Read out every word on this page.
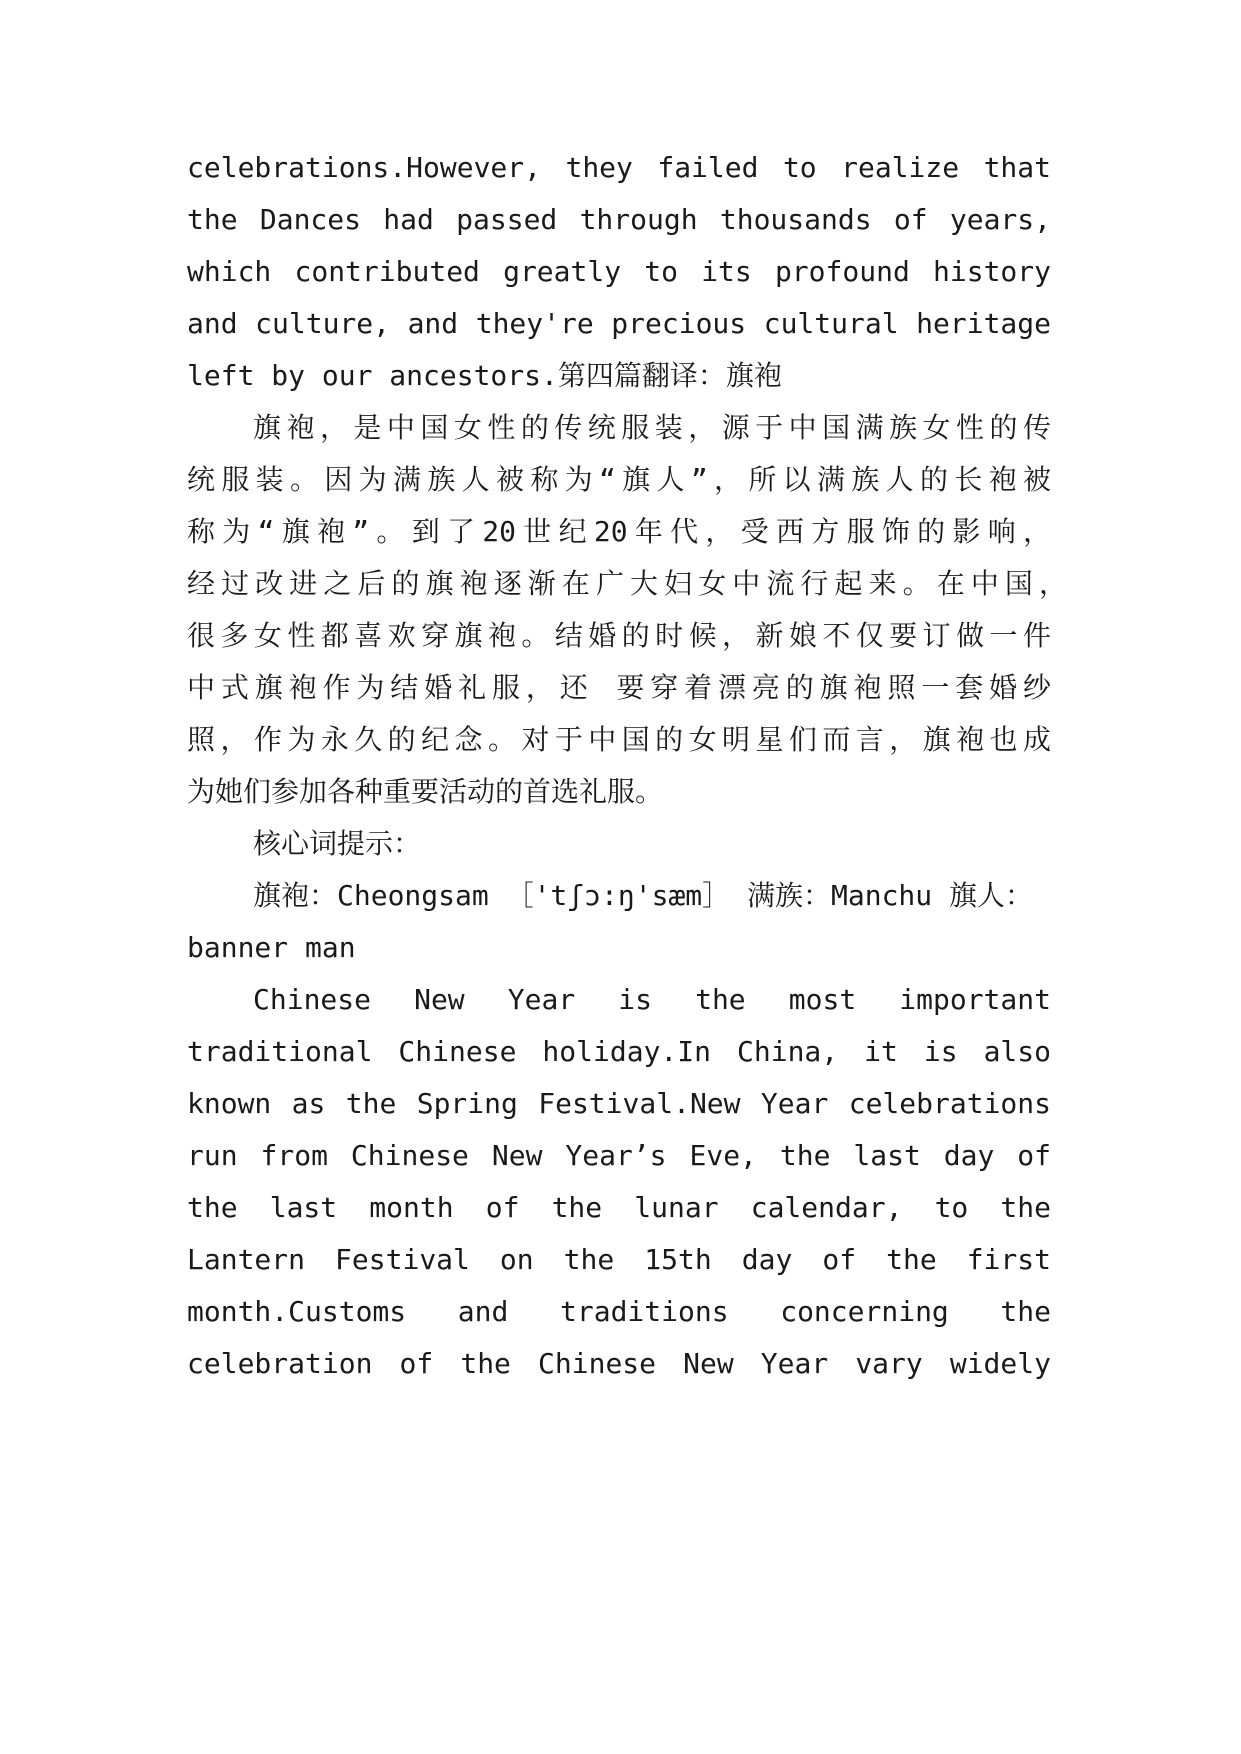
celebrations.However, they failed to realize that
the Dances had passed through thousands of years,
which contributed greatly to its profound history
and culture, and they're precious cultural heritage
left by our ancestors.第四篇翻译：旗袍
旗袍，是中国女性的传统服装，源于中国满族女性的传
统服装。因为满族人被称为“旗人”，所以满族人的长袍被
称为“旗袍”。到了20世纪20年代，受西方服饰的影响，
经过改进之后的旗袍逐渐在广大妇女中流行起来。在中国，
很多女性都喜欢穿旗袍。结婚的时候，新娘不仅要订做一件
中式旗袍作为结婚礼服，还 要穿着漂亮的旗袍照一套婚纱
照，作为永久的纪念。对于中国的女明星们而言，旗袍也成
为她们参加各种重要活动的首选礼服。
核心词提示：
旗袍：Cheongsam ［'tʃɔ:ŋ'sæm］ 满族：Manchu 旗人：
banner man
Chinese New Year is the most important
traditional Chinese holiday.In China, it is also
known as the Spring Festival.New Year celebrations
run from Chinese New Year’s Eve, the last day of
the last month of the lunar calendar, to the
Lantern Festival on the 15th day of the first
month.Customs and traditions concerning the
celebration of the Chinese New Year vary widely
